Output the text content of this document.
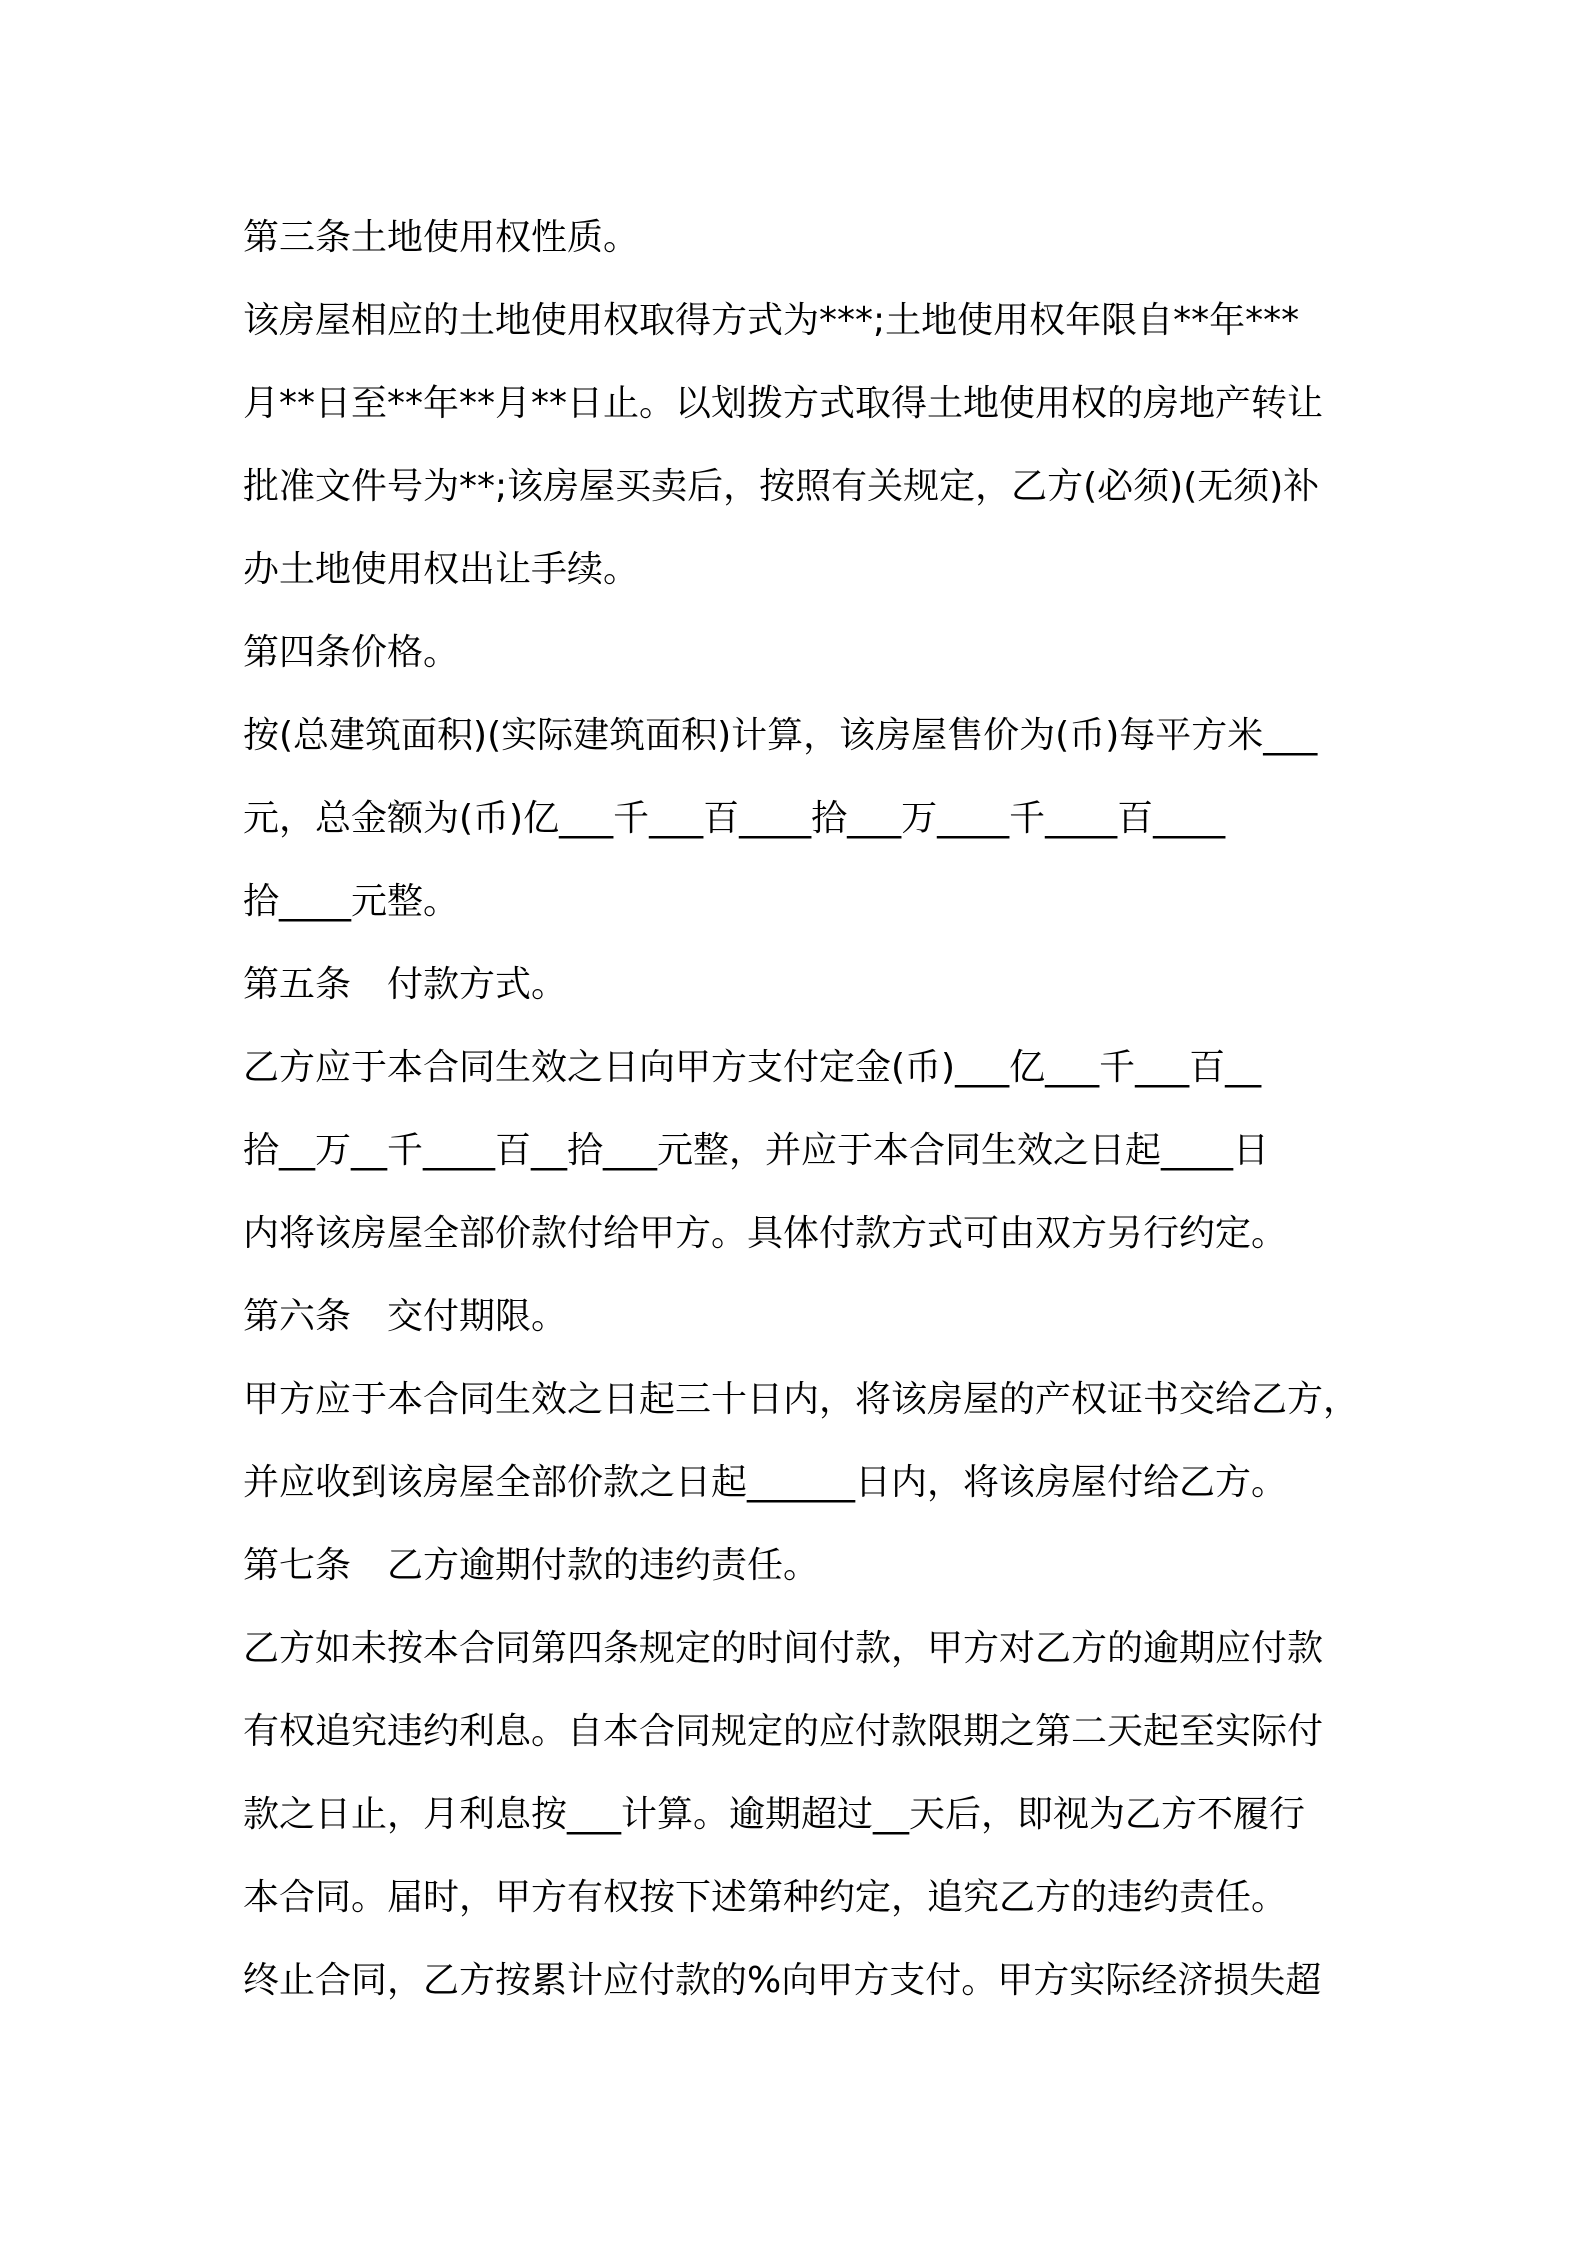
第三条土地使用权性质。
该房屋相应的土地使用权取得方式为***;土地使用权年限自**年***
月**日至**年**月**日止。以划拨方式取得土地使用权的房地产转让
批准文件号为**;该房屋买卖后，按照有关规定，乙方(必须)(无须)补
办土地使用权出让手续。
第四条价格。
按(总建筑面积)(实际建筑面积)计算，该房屋售价为(币)每平方米___
元，总金额为(币)亿___千___百____拾___万____千____百____
拾____元整。
第五条　付款方式。
乙方应于本合同生效之日向甲方支付定金(币)___亿___千___百__
拾__万__千____百__拾___元整，并应于本合同生效之日起____日
内将该房屋全部价款付给甲方。具体付款方式可由双方另行约定。
第六条　交付期限。
甲方应于本合同生效之日起三十日内，将该房屋的产权证书交给乙方，
并应收到该房屋全部价款之日起______日内，将该房屋付给乙方。
第七条　乙方逾期付款的违约责任。
乙方如未按本合同第四条规定的时间付款，甲方对乙方的逾期应付款
有权追究违约利息。自本合同规定的应付款限期之第二天起至实际付
款之日止，月利息按___计算。逾期超过__天后，即视为乙方不履行
本合同。届时，甲方有权按下述第种约定，追究乙方的违约责任。
终止合同，乙方按累计应付款的%向甲方支付。甲方实际经济损失超
